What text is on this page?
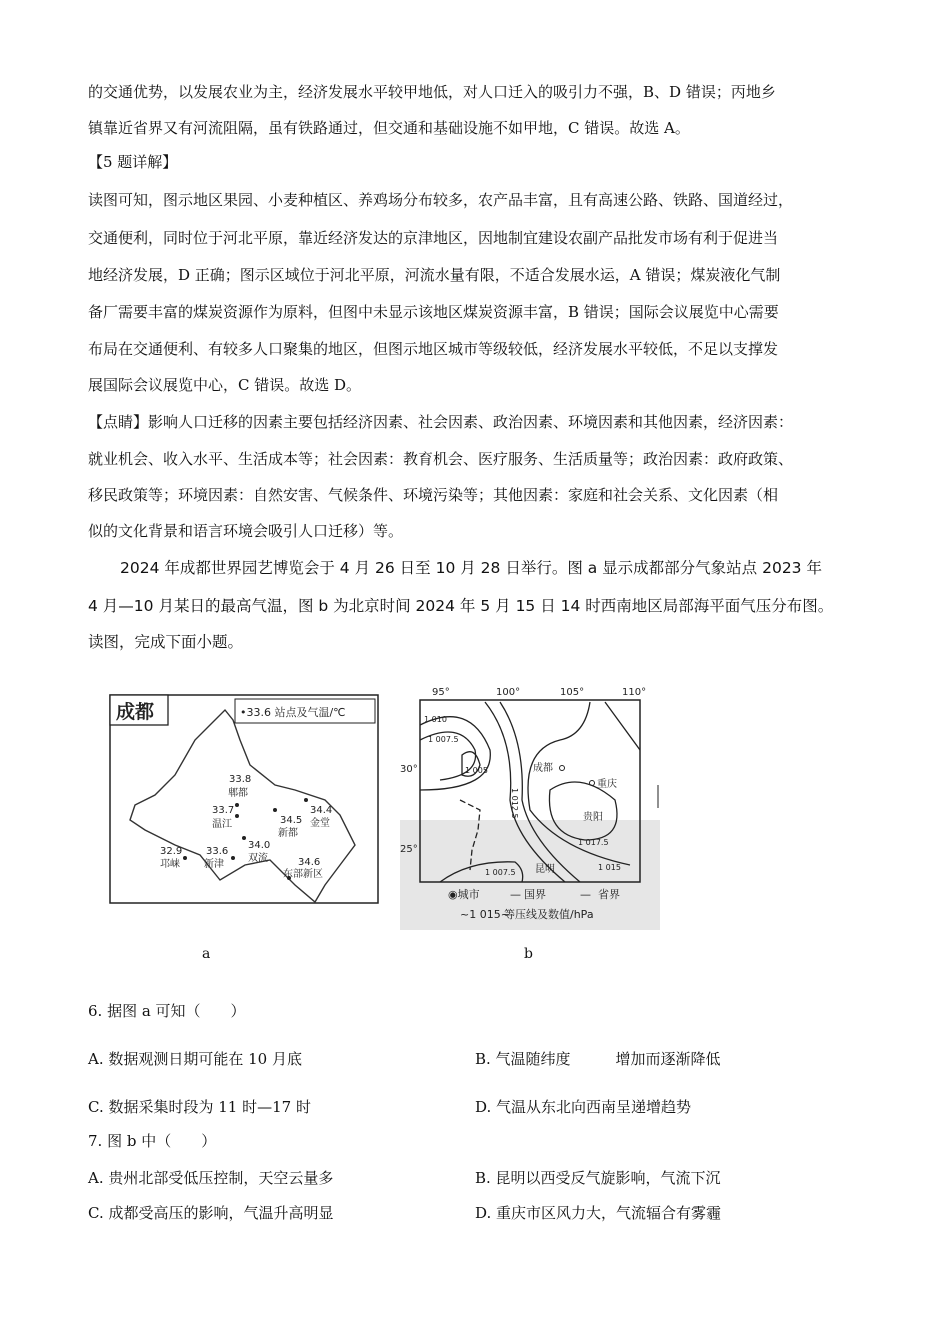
的交通优势，以发展农业为主，经济发展水平较甲地低，对人口迁入的吸引力不强，B、D 错误；丙地乡
镇靠近省界又有河流阻隔，虽有铁路通过，但交通和基础设施不如甲地，C 错误。故选 A。
【5 题详解】
读图可知，图示地区果园、小麦种植区、养鸡场分布较多，农产品丰富，且有高速公路、铁路、国道经过，
交通便利，同时位于河北平原，靠近经济发达的京津地区，因地制宜建设农副产品批发市场有利于促进当
地经济发展，D 正确；图示区域位于河北平原，河流水量有限，不适合发展水运，A 错误；煤炭液化气制
备厂需要丰富的煤炭资源作为原料，但图中未显示该地区煤炭资源丰富，B 错误；国际会议展览中心需要
布局在交通便利、有较多人口聚集的地区，但图示地区城市等级较低，经济发展水平较低，不足以支撑发
展国际会议展览中心，C 错误。故选 D。
【点睛】影响人口迁移的因素主要包括经济因素、社会因素、政治因素、环境因素和其他因素，经济因素：
就业机会、收入水平、生活成本等；社会因素：教育机会、医疗服务、生活质量等；政治因素：政府政策、
移民政策等；环境因素：自然安害、气候条件、环境污染等；其他因素：家庭和社会关系、文化因素（相
似的文化背景和语言环境会吸引人口迁移）等。
2024 年成都世界园艺博览会于 4 月 26 日至 10 月 28 日举行。图 a 显示成都部分气象站点 2023 年
4 月—10 月某日的最高气温，图 b 为北京时间 2024 年 5 月 15 日 14 时西南地区局部海平面气压分布图。
读图，完成下面小题。
成都	•33.6 站点及气温/℃
33.8
郫都
33.7
温江	34.5
新都
34.4
金堂
32.9
邛崃
33.6
新津
34.0
双流	34.6
东部新区
a
95°	100°	105°	110°
30°
25°
1 010
1 007.5
1 005
1 012.5
1 017.5
1 015
1 007.5
成都
重庆
贵阳
昆明
◉城市	— 国界	— 省界
~1 015~
等压线及数值/hPa
b
6. 据图 a 可知（　　）
A. 数据观测日期可能在 10 月底	B. 气温随纬度　　　增加而逐渐降低
C. 数据采集时段为 11 时—17 时	D. 气温从东北向西南呈递增趋势
7. 图 b 中（　　）
A. 贵州北部受低压控制，天空云量多	B. 昆明以西受反气旋影响，气流下沉
C. 成都受高压的影响，气温升高明显	D. 重庆市区风力大，气流辐合有雾霾
